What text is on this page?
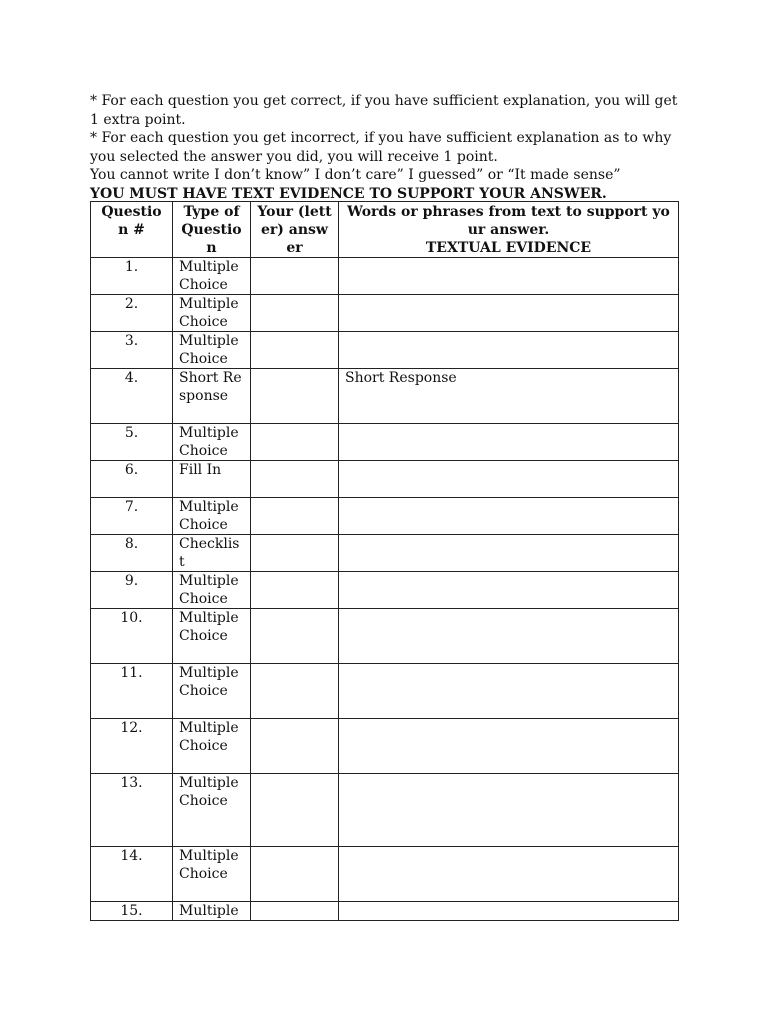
* For each question you get correct, if you have sufficient explanation, you will get 1 extra point.

* For each question you get incorrect, if you have sufficient explanation as to why you selected the answer you did, you will receive 1 point.

You cannot write I don’t know” I don’t care” I guessed” or “It made sense”

YOU MUST HAVE TEXT EVIDENCE TO SUPPORT YOUR ANSWER.

Question #	Type of Question	Your (letter) answer	Words or phrases from text to support your answer.
TEXTUAL EVIDENCE

1.	Multiple Choice		
2.	Multiple Choice		
3.	Multiple Choice		
4.	Short Response		Short Response
5.	Multiple Choice		
6.	Fill In		
7.	Multiple Choice		
8.	Checklist		
9.	Multiple Choice		
10.	Multiple Choice		
11.	Multiple Choice		
12.	Multiple Choice		
13.	Multiple Choice		
14.	Multiple Choice		
15.	Multiple		
